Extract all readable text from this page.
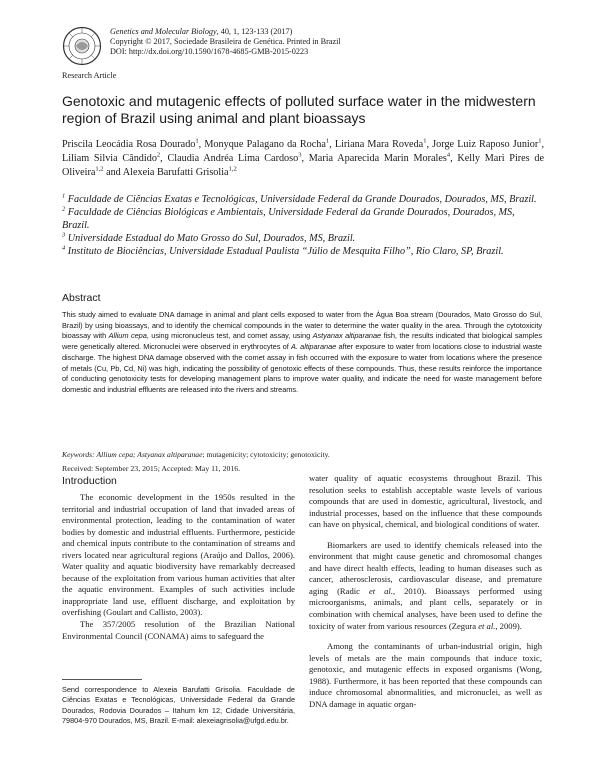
Genetics and Molecular Biology, 40, 1, 123-133 (2017)
Copyright © 2017, Sociedade Brasileira de Genética. Printed in Brazil
DOI: http://dx.doi.org/10.1590/1678-4685-GMB-2015-0223
Research Article
Genotoxic and mutagenic effects of polluted surface water in the midwestern region of Brazil using animal and plant bioassays
Priscila Leocádia Rosa Dourado$^1$, Monyque Palagano da Rocha$^1$, Liriana Mara Roveda$^1$, Jorge Luiz Raposo Junior$^1$, Liliam Silvia Cândido$^2$, Claudia Andréa Lima Cardoso$^3$, Maria Aparecida Marin Morales$^4$, Kelly Mari Pires de Oliveira$^{1,2}$ and Alexeia Barufatti Grisolia$^{1,2}$
$^1$ Faculdade de Ciências Exatas e Tecnológicas, Universidade Federal da Grande Dourados, Dourados, MS, Brazil.
$^2$ Faculdade de Ciências Biológicas e Ambientais, Universidade Federal da Grande Dourados, Dourados, MS, Brazil.
$^3$ Universidade Estadual do Mato Grosso do Sul, Dourados, MS, Brazil.
$^4$ Instituto de Biociências, Universidade Estadual Paulista “Júlio de Mesquita Filho”, Rio Claro, SP, Brazil.
Abstract
This study aimed to evaluate DNA damage in animal and plant cells exposed to water from the Água Boa stream (Dourados, Mato Grosso do Sul, Brazil) by using bioassays, and to identify the chemical compounds in the water to determine the water quality in the area. Through the cytotoxicity bioassay with Allium cepa, using micronucleus test, and comet assay, using Astyanax altiparanae fish, the results indicated that biological samples were genetically altered. Micronuclei were observed in erythrocytes of A. altiparanae after exposure to water from locations close to industrial waste discharge. The highest DNA damage observed with the comet assay in fish occurred with the exposure to water from locations where the presence of metals (Cu, Pb, Cd, Ni) was high, indicating the possibility of genotoxic effects of these compounds. Thus, these results reinforce the importance of conducting genotoxicity tests for developing management plans to improve water quality, and indicate the need for waste management before domestic and industrial effluents are released into the rivers and streams.
Keywords: Allium cepa; Astyanax altiparanae; mutagenicity; cytotoxicity; genotoxicity.
Received: September 23, 2015; Accepted: May 11, 2016.
Introduction

The economic development in the 1950s resulted in the territorial and industrial occupation of land that invaded areas of environmental protection, leading to the contamination of water bodies by domestic and industrial effluents. Furthermore, pesticide and chemical inputs contribute to the contamination of streams and rivers located near agricultural regions (Araújo and Dallos, 2006). Water quality and aquatic biodiversity have remarkably decreased because of the exploitation from various human activities that alter the aquatic environment. Examples of such activities include inappropriate land use, effluent discharge, and exploitation by overfishing (Goulart and Callisto, 2003).

The 357/2005 resolution of the Brazilian National Environmental Council (CONAMA) aims to safeguard the

water quality of aquatic ecosystems throughout Brazil. This resolution seeks to establish acceptable waste levels of various compounds that are used in domestic, agricultural, livestock, and industrial processes, based on the influence that these compounds can have on physical, chemical, and biological conditions of water.

Biomarkers are used to identify chemicals released into the environment that might cause genetic and chromosomal changes and have direct health effects, leading to human diseases such as cancer, atherosclerosis, cardiovascular disease, and premature aging (Radic et al., 2010). Bioassays performed using microorganisms, animals, and plant cells, separately or in combination with chemical analyses, have been used to define the toxicity of water from various resources (Zegura et al., 2009).

Among the contaminants of urban-industrial origin, high levels of metals are the main compounds that induce toxic, genotoxic, and mutagenic effects in exposed organisms (Wong, 1988). Furthermore, it has been reported that these compounds can induce chromosomal abnormalities, and micronuclei, as well as DNA damage in aquatic organ-

Send correspondence to Alexeia Barufatti Grisolia. Faculdade de Ciências Exatas e Tecnológicas, Universidade Federal da Grande Dourados, Rodovia Dourados – Itahum km 12, Cidade Universitária, 79804-970 Dourados, MS, Brazil. E-mail: alexeiagrisolia@ufgd.edu.br.
